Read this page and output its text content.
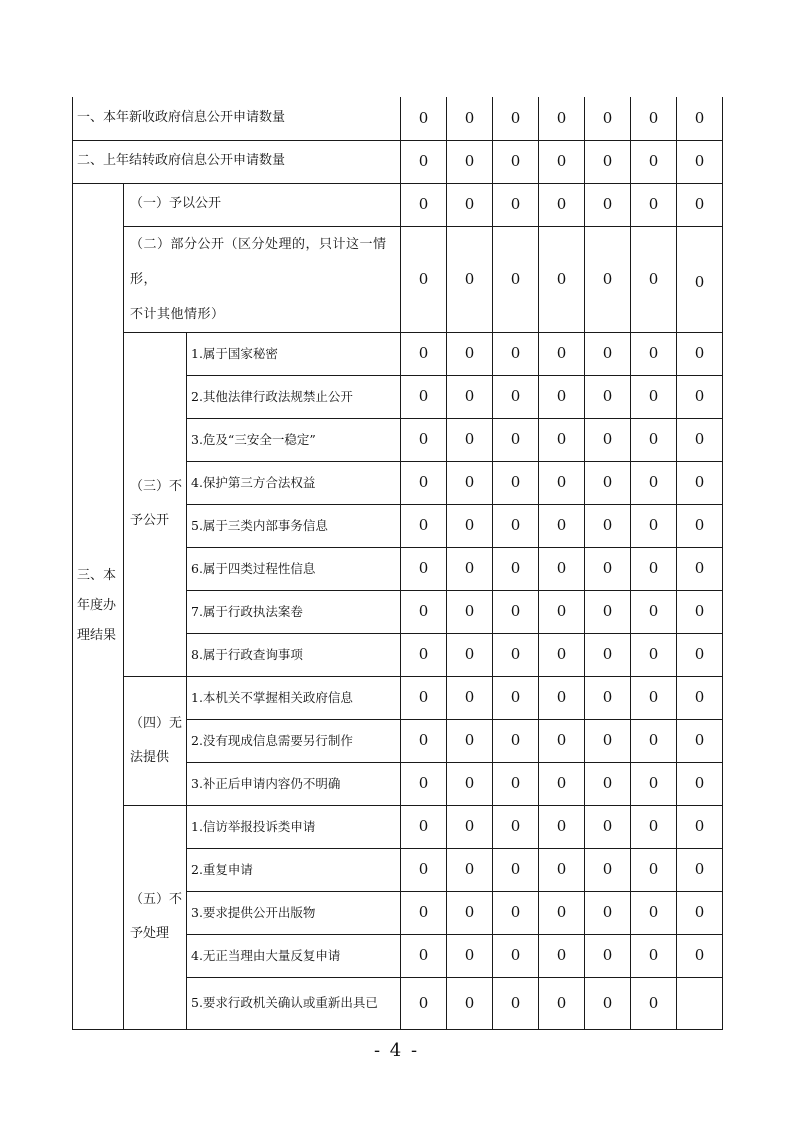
一、本年新收政府信息公开申请数量			0	0	0	0	0	0	0
二、上年结转政府信息公开申请数量			0	0	0	0	0	0	0

三、本
年度办
理结果	（一）予以公开		0	0	0	0	0	0	0

	（二）部分公开（区分处理的，只计这一情形，
不计其他情形）		0	0	0	0	0	0	0

	（三）不
予公开	1.属于国家秘密	0	0	0	0	0	0	0
		2.其他法律行政法规禁止公开	0	0	0	0	0	0	0
		3.危及“三安全一稳定”	0	0	0	0	0	0	0
		4.保护第三方合法权益	0	0	0	0	0	0	0
		5.属于三类内部事务信息	0	0	0	0	0	0	0
		6.属于四类过程性信息	0	0	0	0	0	0	0
		7.属于行政执法案卷	0	0	0	0	0	0	0
		8.属于行政查询事项	0	0	0	0	0	0	0

	（四）无
法提供	1.本机关不掌握相关政府信息	0	0	0	0	0	0	0
		2.没有现成信息需要另行制作	0	0	0	0	0	0	0
		3.补正后申请内容仍不明确	0	0	0	0	0	0	0

	（五）不
予处理	1.信访举报投诉类申请	0	0	0	0	0	0	0
		2.重复申请	0	0	0	0	0	0	0
		3.要求提供公开出版物	0	0	0	0	0	0	0
		4.无正当理由大量反复申请	0	0	0	0	0	0	0
		5.要求行政机关确认或重新出具已	0	0	0	0	0	0	
- 4 -
